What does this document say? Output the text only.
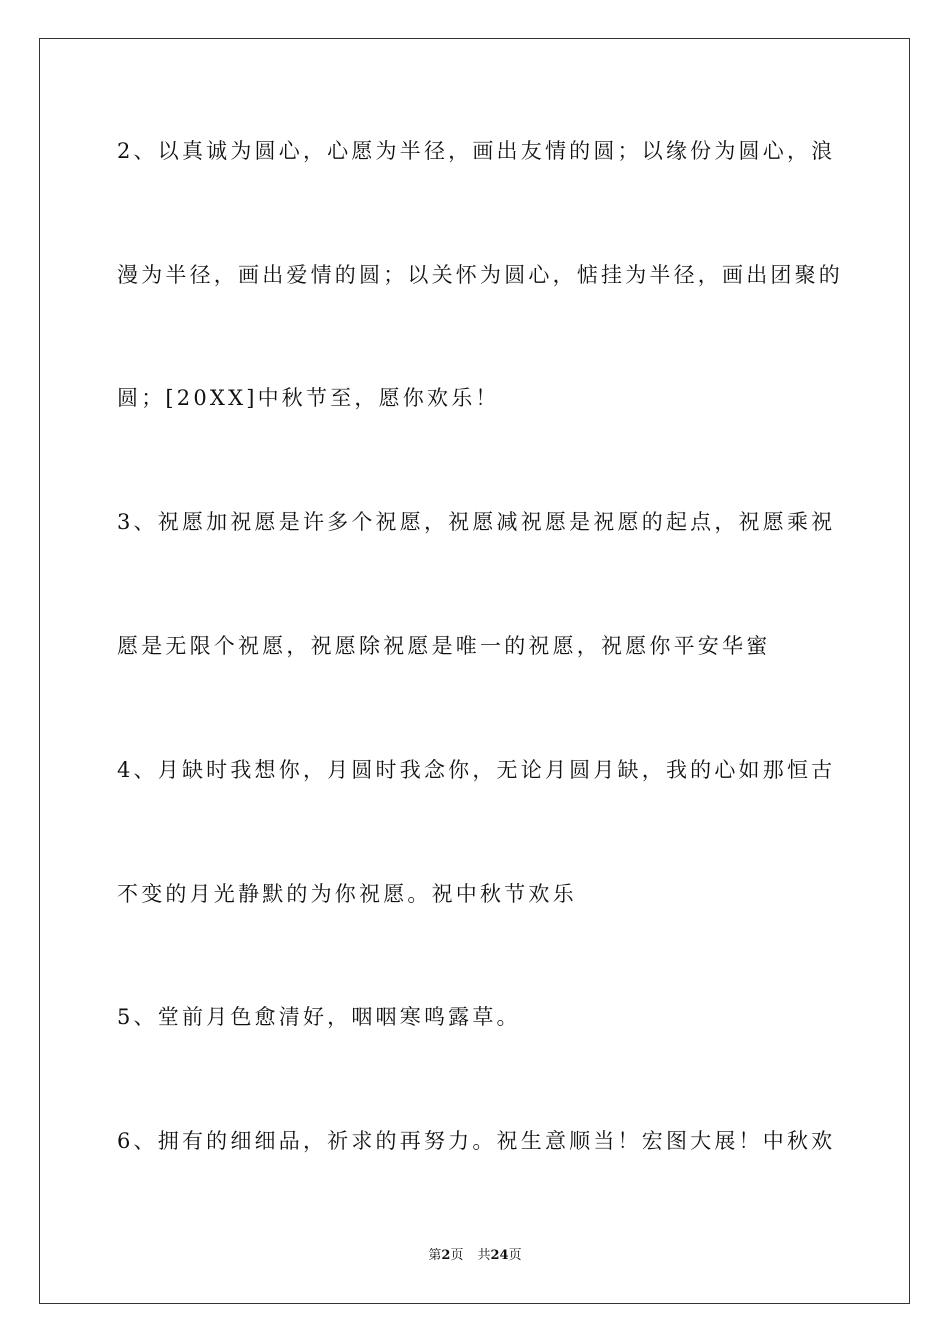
2、以真诚为圆心，心愿为半径，画出友情的圆；以缘份为圆心，浪
漫为半径，画出爱情的圆；以关怀为圆心，惦挂为半径，画出团聚的
圆；[20XX]中秋节至，愿你欢乐！
3、祝愿加祝愿是许多个祝愿，祝愿减祝愿是祝愿的起点，祝愿乘祝
愿是无限个祝愿，祝愿除祝愿是唯一的祝愿，祝愿你平安华蜜
4、月缺时我想你，月圆时我念你，无论月圆月缺，我的心如那恒古
不变的月光静默的为你祝愿。祝中秋节欢乐
5、堂前月色愈清好，咽咽寒鸣露草。
6、拥有的细细品，祈求的再努力。祝生意顺当！宏图大展！中秋欢
第2页 共24页
